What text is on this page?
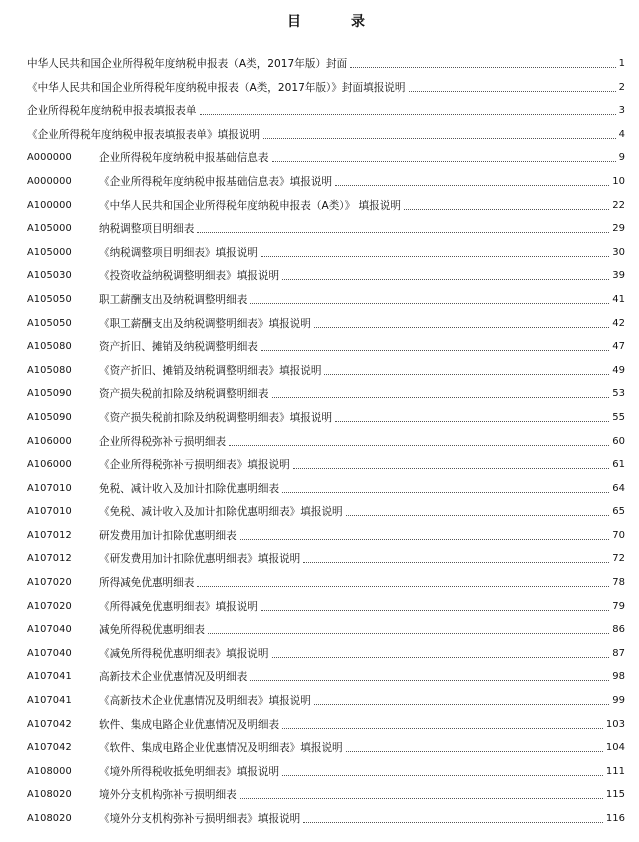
目　录
中华人民共和国企业所得税年度纳税申报表（A类，2017年版）封面	1
《中华人民共和国企业所得税年度纳税申报表（A类，2017年版）》封面填报说明	2
企业所得税年度纳税申报表填报表单	3
《企业所得税年度纳税申报表填报表单》填报说明	4
A000000	企业所得税年度纳税申报基础信息表	9
A000000	《企业所得税年度纳税申报基础信息表》填报说明	10
A100000	《中华人民共和国企业所得税年度纳税申报表（A类）》 填报说明	22
A105000	纳税调整项目明细表	29
A105000	《纳税调整项目明细表》填报说明	30
A105030	《投资收益纳税调整明细表》填报说明	39
A105050	职工薪酬支出及纳税调整明细表	41
A105050	《职工薪酬支出及纳税调整明细表》填报说明	42
A105080	资产折旧、摊销及纳税调整明细表	47
A105080	《资产折旧、摊销及纳税调整明细表》填报说明	49
A105090	资产损失税前扣除及纳税调整明细表	53
A105090	《资产损失税前扣除及纳税调整明细表》填报说明	55
A106000	企业所得税弥补亏损明细表	60
A106000	《企业所得税弥补亏损明细表》填报说明	61
A107010	免税、减计收入及加计扣除优惠明细表	64
A107010	《免税、减计收入及加计扣除优惠明细表》填报说明	65
A107012	研发费用加计扣除优惠明细表	70
A107012	《研发费用加计扣除优惠明细表》填报说明	72
A107020	所得减免优惠明细表	78
A107020	《所得减免优惠明细表》填报说明	79
A107040	减免所得税优惠明细表	86
A107040	《减免所得税优惠明细表》填报说明	87
A107041	高新技术企业优惠情况及明细表	98
A107041	《高新技术企业优惠情况及明细表》填报说明	99
A107042	软件、集成电路企业优惠情况及明细表	103
A107042	《软件、集成电路企业优惠情况及明细表》填报说明	104
A108000	《境外所得税收抵免明细表》填报说明	111
A108020	境外分支机构弥补亏损明细表	115
A108020	《境外分支机构弥补亏损明细表》填报说明	116
